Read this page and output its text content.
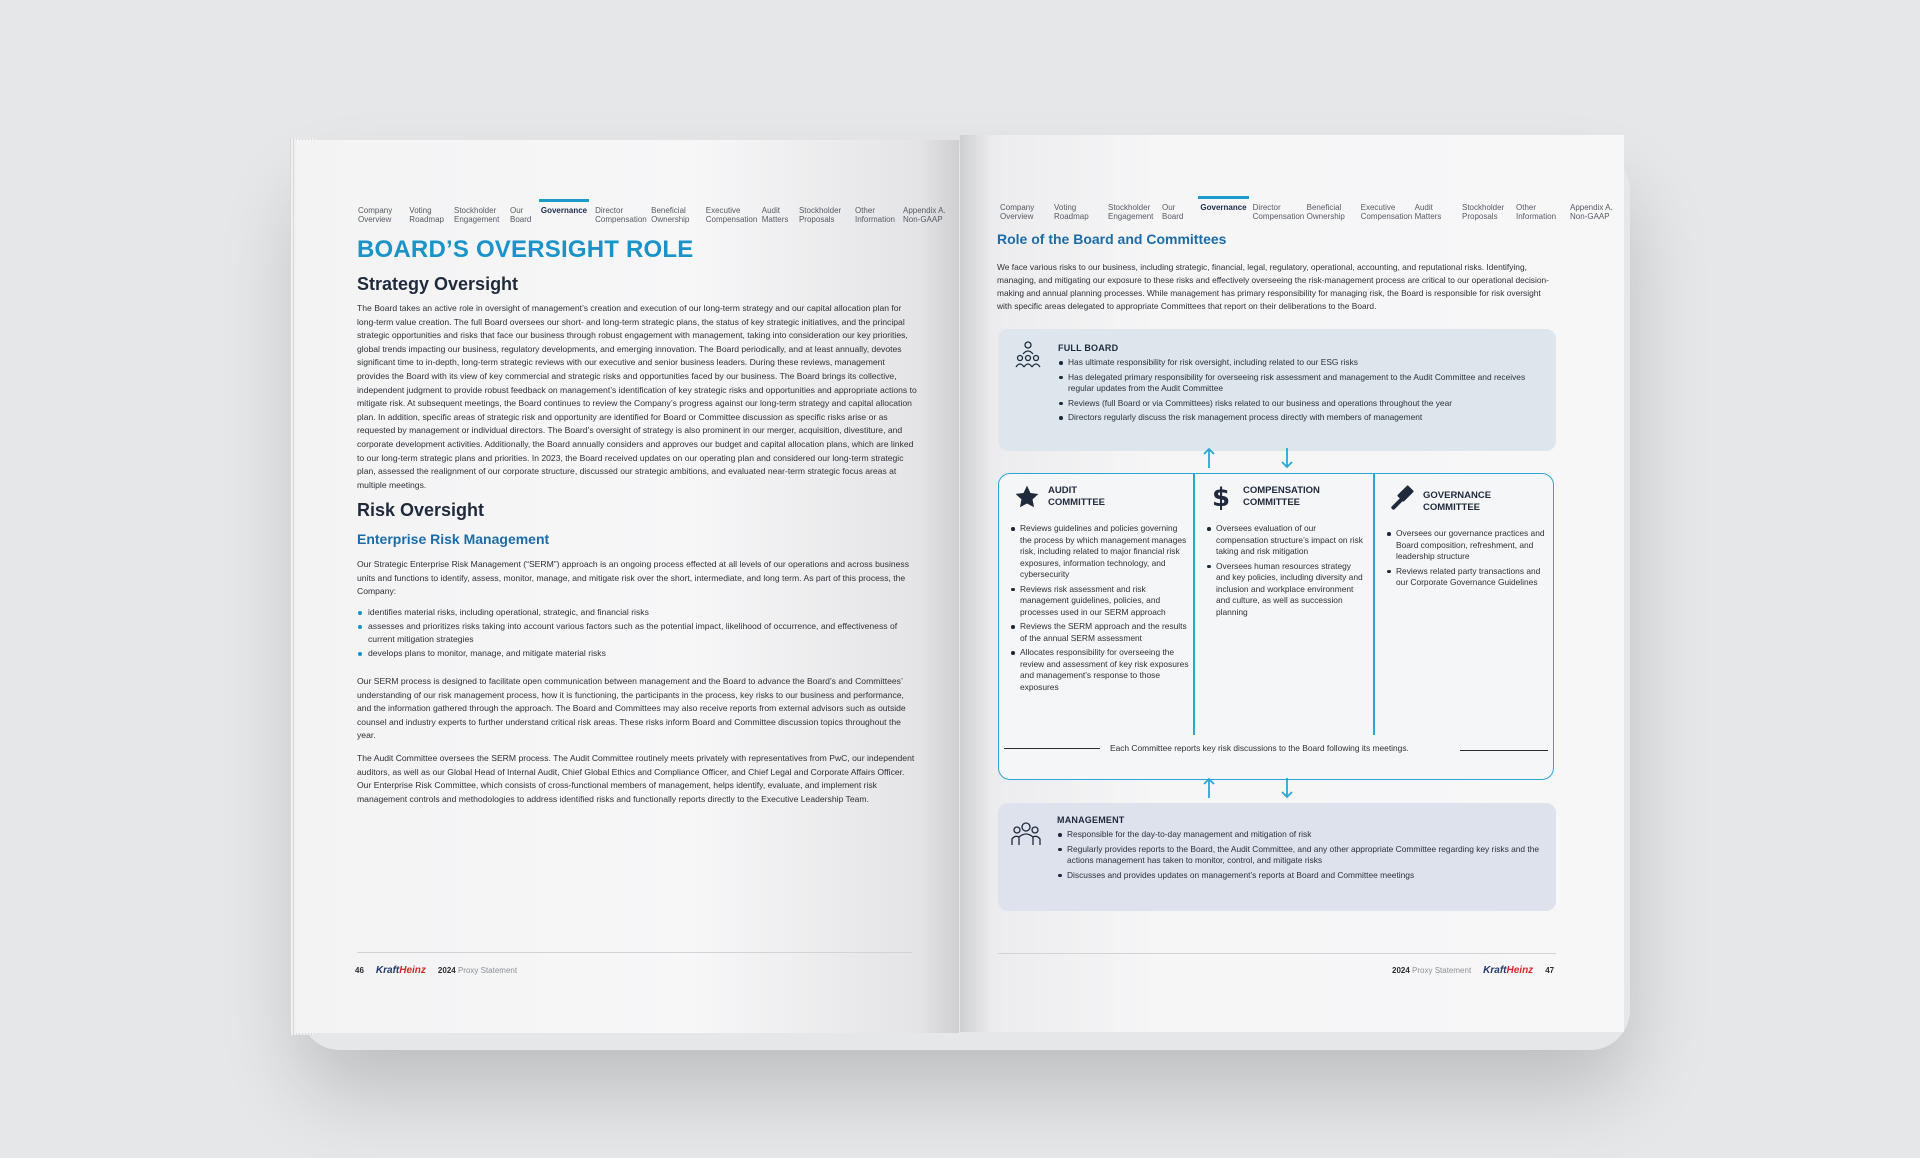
Company Overview
Voting Roadmap
Stockholder Engagement
Our Board
Governance Director Compensation
Beneficial Ownership
Executive Compensation
Audit Matters
Stockholder Proposals
Other Information
Appendix A. Non-GAAP
BOARD’S OVERSIGHT ROLE
Strategy Oversight

The Board takes an active role in oversight of management’s creation and execution of our long-term strategy and our capital allocation plan for long-term value creation. The full Board oversees our short- and long-term strategic plans, the status of key strategic initiatives, and the principal strategic opportunities and risks that face our business through robust engagement with management, taking into consideration our key priorities, global trends impacting our business, regulatory developments, and emerging innovation. The Board periodically, and at least annually, devotes significant time to in-depth, long-term strategic reviews with our executive and senior business leaders. During these reviews, management provides the Board with its view of key commercial and strategic risks and opportunities faced by our business. The Board brings its collective, independent judgment to provide robust feedback on management’s identification of key strategic risks and opportunities and appropriate actions to mitigate risk. At subsequent meetings, the Board continues to review the Company’s progress against our long-term strategy and capital allocation plan. In addition, specific areas of strategic risk and opportunity are identified for Board or Committee discussion as specific risks arise or as requested by management or individual directors. The Board’s oversight of strategy is also prominent in our merger, acquisition, divestiture, and corporate development activities. Additionally, the Board annually considers and approves our budget and capital allocation plans, which are linked to our long-term strategic plans and priorities. In 2023, the Board received updates on our operating plan and considered our long-term strategic plan, assessed the realignment of our corporate structure, discussed our strategic ambitions, and evaluated near-term strategic focus areas at multiple meetings.

Risk Oversight
Enterprise Risk Management

Our Strategic Enterprise Risk Management (“SERM”) approach is an ongoing process effected at all levels of our operations and across business units and functions to identify, assess, monitor, manage, and mitigate risk over the short, intermediate, and long term. As part of this process, the Company:

identifies material risks, including operational, strategic, and financial risks
assesses and prioritizes risks taking into account various factors such as the potential impact, likelihood of occurrence, and effectiveness of current mitigation strategies
develops plans to monitor, manage, and mitigate material risks

Our SERM process is designed to facilitate open communication between management and the Board to advance the Board’s and Committees’ understanding of our risk management process, how it is functioning, the participants in the process, key risks to our business and performance, and the information gathered through the approach. The Board and Committees may also receive reports from external advisors such as outside counsel and industry experts to further understand critical risk areas. These risks inform Board and Committee discussion topics throughout the year.

The Audit Committee oversees the SERM process. The Audit Committee routinely meets privately with representatives from PwC, our independent auditors, as well as our Global Head of Internal Audit, Chief Global Ethics and Compliance Officer, and Chief Legal and Corporate Affairs Officer. Our Enterprise Risk Committee, which consists of cross-functional members of management, helps identify, evaluate, and implement risk management controls and methodologies to address identified risks and functionally reports directly to the Executive Leadership Team.

46 KraftHeinz 2024 Proxy Statement
Company Overview
Voting Roadmap
Stockholder Engagement
Our Board
Governance Director Compensation
Beneficial Ownership
Executive Compensation
Audit Matters
Stockholder Proposals
Other Information
Appendix A. Non-GAAP
Role of the Board and Committees

We face various risks to our business, including strategic, financial, legal, regulatory, operational, accounting, and reputational risks. Identifying, managing, and mitigating our exposure to these risks and effectively overseeing the risk-management process are critical to our operational decision-making and annual planning processes. While management has primary responsibility for managing risk, the Board is responsible for risk oversight with specific areas delegated to appropriate Committees that report on their deliberations to the Board.

FULL BOARD
Has ultimate responsibility for risk oversight, including related to our ESG risks
Has delegated primary responsibility for overseeing risk assessment and management to the Audit Committee and receives regular updates from the Audit Committee
Reviews (full Board or via Committees) risks related to our business and operations throughout the year
Directors regularly discuss the risk management process directly with members of management
AUDIT
COMMITTEE
Reviews guidelines and policies governing the process by which management manages risk, including related to major financial risk exposures, information technology, and cybersecurity
Reviews risk assessment and risk management guidelines, policies, and processes used in our SERM approach
Reviews the SERM approach and the results of the annual SERM assessment
Allocates responsibility for overseeing the review and assessment of key risk exposures and management’s response to those exposures
$ COMPENSATION
COMMITTEE
Oversees evaluation of our compensation structure’s impact on risk taking and risk mitigation
Oversees human resources strategy and key policies, including diversity and inclusion and workplace environment and culture, as well as succession planning
GOVERNANCE
COMMITTEE
Oversees our governance practices and Board composition, refreshment, and leadership structure
Reviews related party transactions and our Corporate Governance Guidelines
Each Committee reports key risk discussions to the Board following its meetings.
MANAGEMENT
Responsible for the day-to-day management and mitigation of risk
Regularly provides reports to the Board, the Audit Committee, and any other appropriate Committee regarding key risks and the actions management has taken to monitor, control, and mitigate risks
Discusses and provides updates on management’s reports at Board and Committee meetings
2024 Proxy Statement KraftHeinz 47
